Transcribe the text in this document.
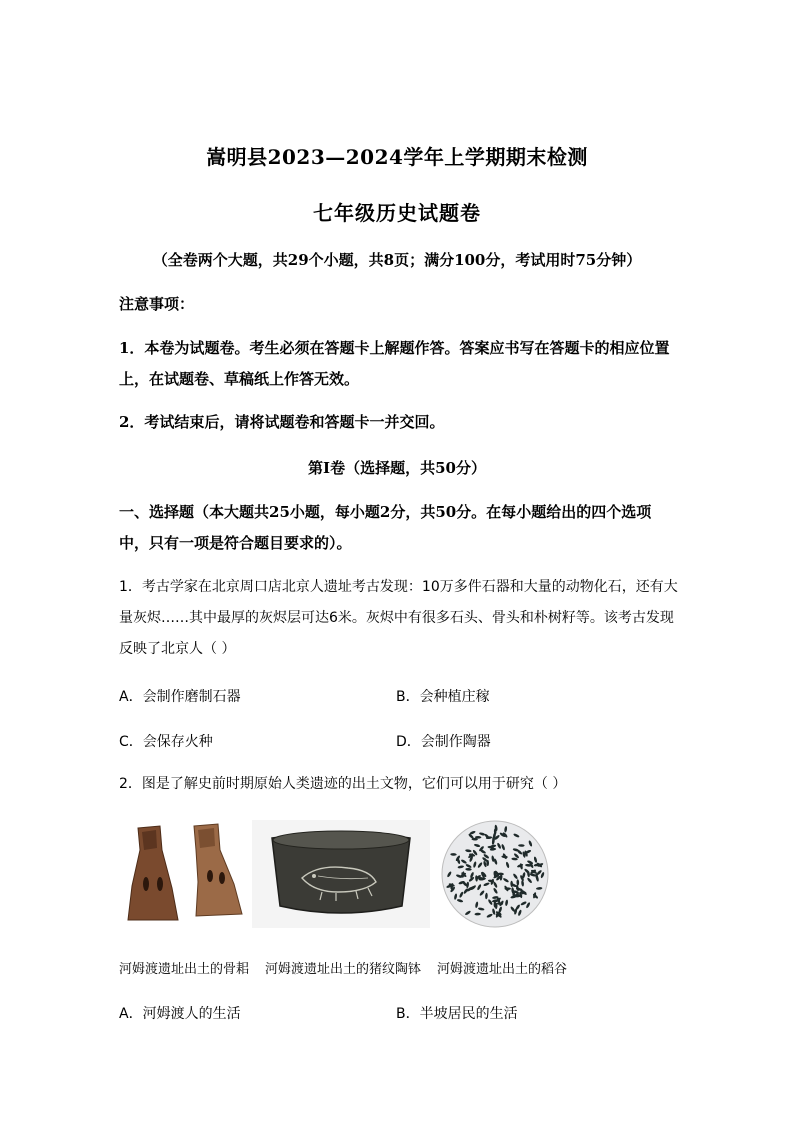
嵩明县2023—2024学年上学期期末检测
七年级历史试题卷
（全卷两个大题，共29个小题，共8页；满分100分，考试用时75分钟）
注意事项：
1．本卷为试题卷。考生必须在答题卡上解题作答。答案应书写在答题卡的相应位置上，在试题卷、草稿纸上作答无效。
2．考试结束后，请将试题卷和答题卡一并交回。
第Ⅰ卷（选择题，共50分）
一、选择题（本大题共25小题，每小题2分，共50分。在每小题给出的四个选项中，只有一项是符合题目要求的）。
1．考古学家在北京周口店北京人遗址考古发现：10万多件石器和大量的动物化石，还有大量灰烬……其中最厚的灰烬层可达6米。灰烬中有很多石头、骨头和朴树籽等。该考古发现反映了北京人（ ）
A．会制作磨制石器	B．会种植庄稼
C．会保存火种	D．会制作陶器
2．图是了解史前时期原始人类遗迹的出土文物，它们可以用于研究（ ）
河姆渡遗址出土的骨耜 河姆渡遗址出土的猪纹陶钵 河姆渡遗址出土的稻谷
A．河姆渡人的生活	B．半坡居民的生活
